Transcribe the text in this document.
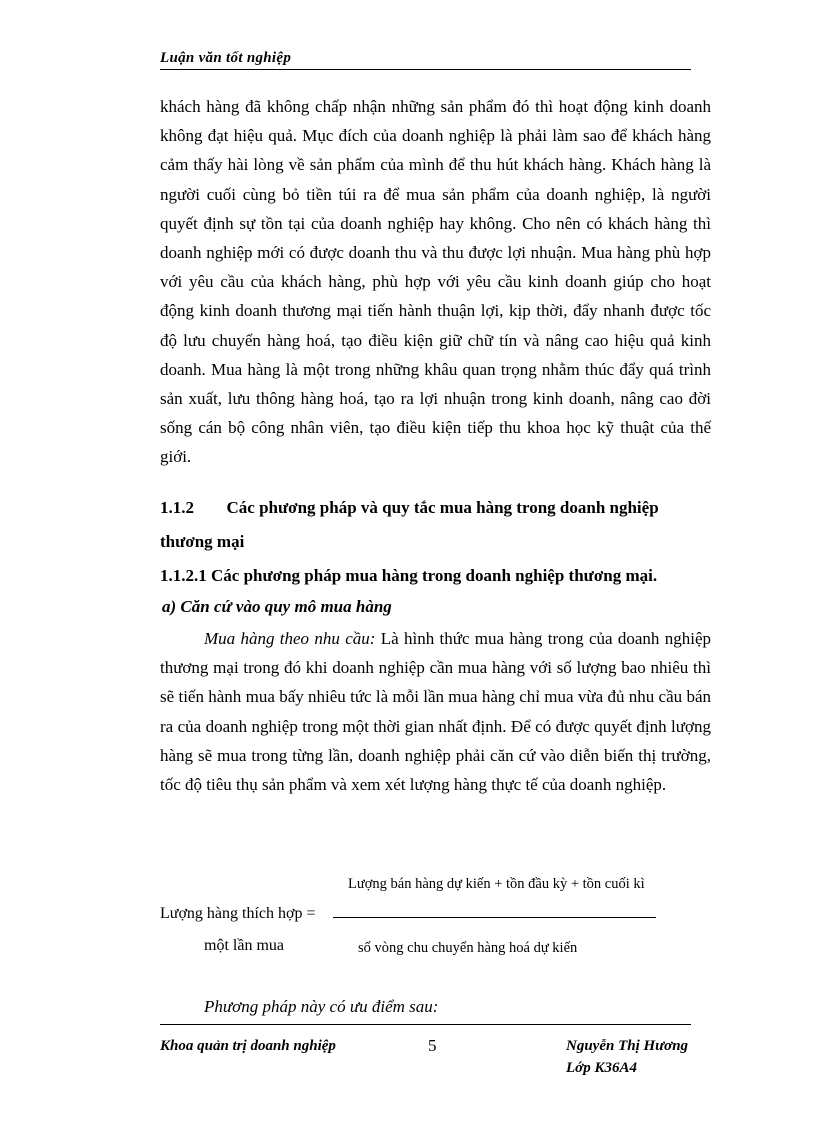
Luận văn tốt nghiệp

khách hàng đã không chấp nhận những sản phẩm đó thì hoạt động kinh doanh không đạt hiệu quả. Mục đích của doanh nghiệp là phải làm sao để khách hàng cảm thấy hài lòng về sản phẩm của mình để thu hút khách hàng. Khách hàng là người cuối cùng bỏ tiền túi ra để mua sản phẩm của doanh nghiệp, là người quyết định sự tồn tại của doanh nghiệp hay không. Cho nên có khách hàng thì doanh nghiệp mới có được doanh thu và thu được lợi nhuận. Mua hàng phù hợp với yêu cầu của khách hàng, phù hợp với yêu cầu kinh doanh giúp cho hoạt động kinh doanh thương mại tiến hành thuận lợi, kịp thời, đẩy nhanh được tốc độ lưu chuyển hàng hoá, tạo điều kiện giữ chữ tín và nâng cao hiệu quả kinh doanh. Mua hàng là một trong những khâu quan trọng nhằm thúc đẩy quá trình sản xuất, lưu thông hàng hoá, tạo ra lợi nhuận trong kinh doanh, nâng cao đời sống cán bộ công nhân viên, tạo điều kiện tiếp thu khoa học kỹ thuật của thế giới.

1.1.2 Các phương pháp và quy tắc mua hàng trong doanh nghiệp
thương mại
1.1.2.1 Các phương pháp mua hàng trong doanh nghiệp thương mại.
a) Căn cứ vào quy mô mua hàng

Mua hàng theo nhu cầu: Là hình thức mua hàng trong của doanh nghiệp thương mại trong đó khi doanh nghiệp cần mua hàng với số lượng bao nhiêu thì sẽ tiến hành mua bấy nhiêu tức là mỗi lần mua hàng chỉ mua vừa đủ nhu cầu bán ra của doanh nghiệp trong một thời gian nhất định. Để có được quyết định lượng hàng sẽ mua trong từng lần, doanh nghiệp phải căn cứ vào diễn biến thị trường, tốc độ tiêu thụ sản phẩm và xem xét lượng hàng thực tế của doanh nghiệp.

Lượng bán hàng dự kiến + tồn đầu kỳ + tồn cuối kì
Lượng hàng thích hợp =
một lần mua	số vòng chu chuyển hàng hoá dự kiến
Phương pháp này có ưu điểm sau:
Khoa quản trị doanh nghiệp	5	Nguyễn Thị Hương
Lớp K36A4
